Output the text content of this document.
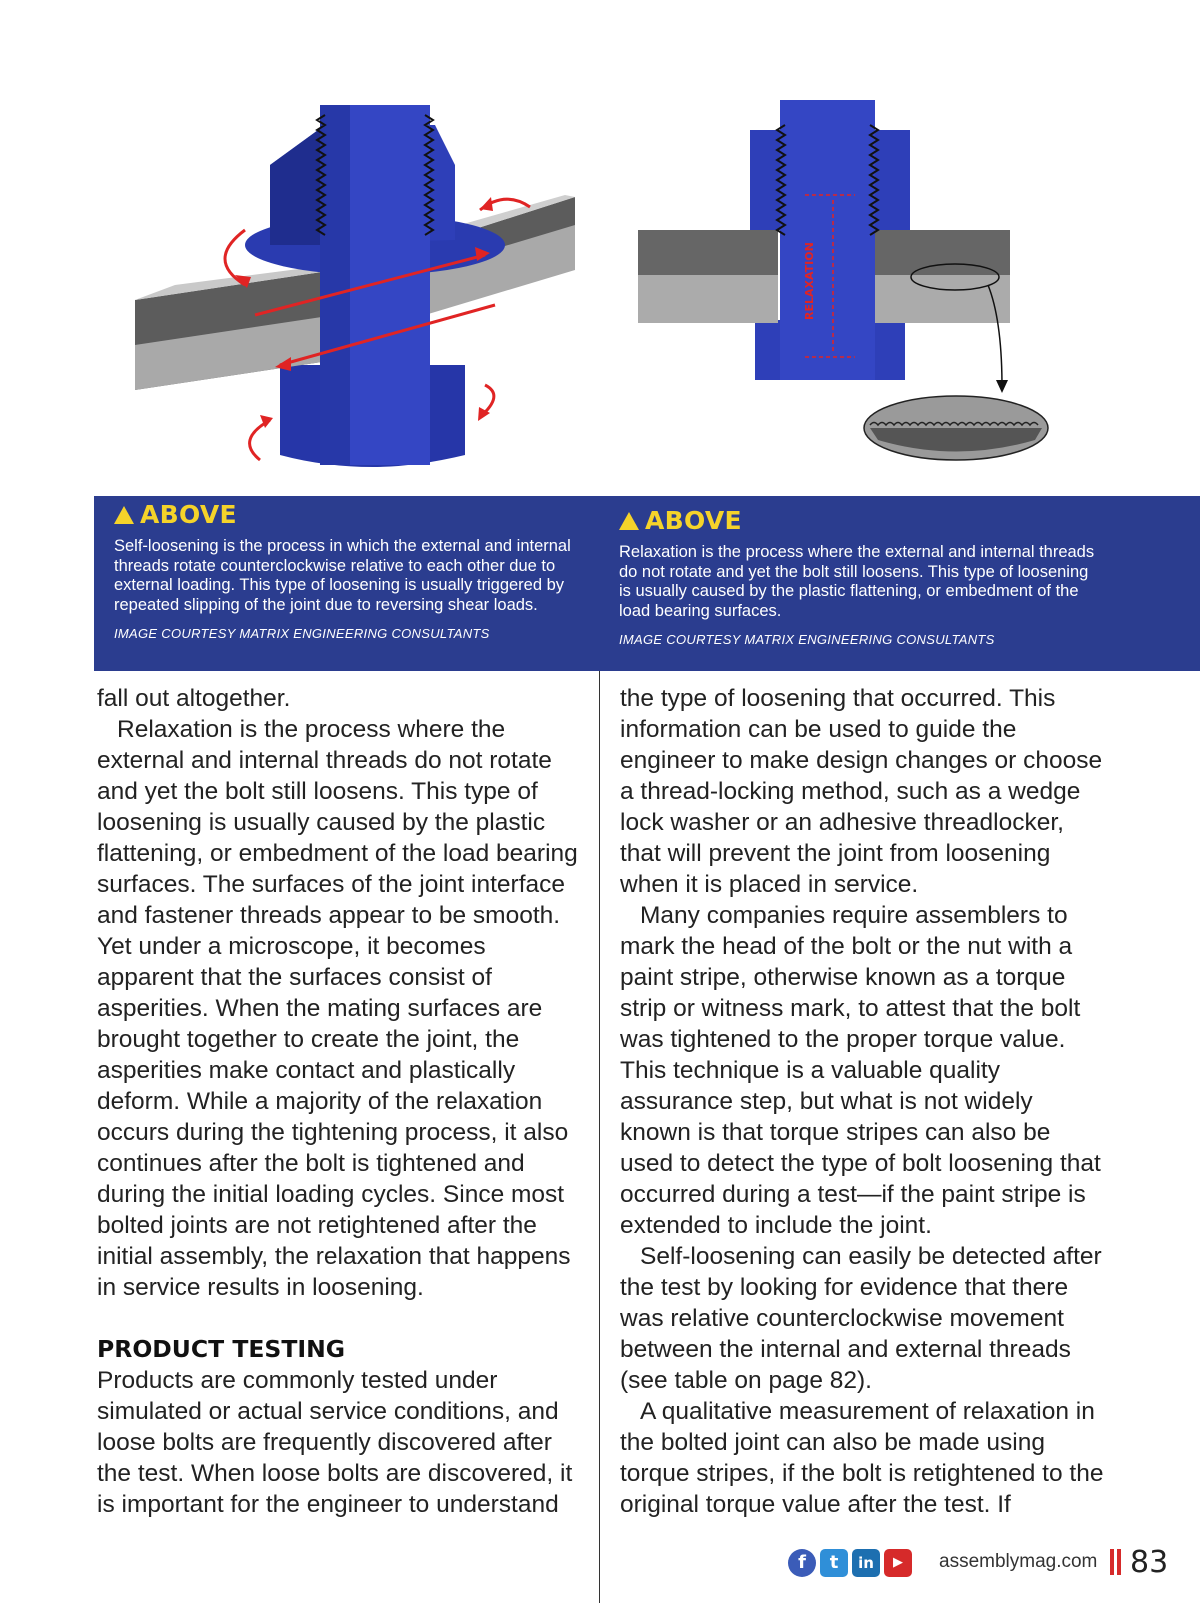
RELAXATION
ABOVE
Self-loosening is the process in which the external and internal threads rotate counterclockwise relative to each other due to external loading. This type of loosening is usually triggered by repeated slipping of the joint due to reversing shear loads.
IMAGE COURTESY MATRIX ENGINEERING CONSULTANTS
ABOVE
Relaxation is the process where the external and internal threads do not rotate and yet the bolt still loosens. This type of loosening is usually caused by the plastic flattening, or embedment of the load bearing surfaces.
IMAGE COURTESY MATRIX ENGINEERING CONSULTANTS

fall out altogether.

Relaxation is the process where the external and internal threads do not rotate and yet the bolt still loosens. This type of loosening is usually caused by the plastic flattening, or embedment of the load bearing surfaces. The surfaces of the joint interface and fastener threads appear to be smooth. Yet under a microscope, it becomes apparent that the surfaces consist of asperities. When the mating surfaces are brought together to create the joint, the asperities make contact and plastically deform. While a majority of the relaxation occurs during the tightening process, it also continues after the bolt is tightened and during the initial loading cycles. Since most bolted joints are not retightened after the initial assembly, the relaxation that happens in service results in loosening.

PRODUCT TESTING

Products are commonly tested under simulated or actual service conditions, and loose bolts are frequently discovered after the test. When loose bolts are discovered, it is important for the engineer to understand

the type of loosening that occurred. This information can be used to guide the engineer to make design changes or choose a thread-locking method, such as a wedge lock washer or an adhesive threadlocker, that will prevent the joint from loosening when it is placed in service.

Many companies require assemblers to mark the head of the bolt or the nut with a paint stripe, otherwise known as a torque strip or witness mark, to attest that the bolt was tightened to the proper torque value. This technique is a valuable quality assurance step, but what is not widely known is that torque stripes can also be used to detect the type of bolt loosening that occurred during a test—if the paint stripe is extended to include the joint.

Self-loosening can easily be detected after the test by looking for evidence that there was relative counterclockwise movement between the internal and external threads (see table on page 82).

A qualitative measurement of relaxation in the bolted joint can also be made using torque stripes, if the bolt is retightened to the original torque value after the test. If

f	t	in	▶	assemblymag.com 83
